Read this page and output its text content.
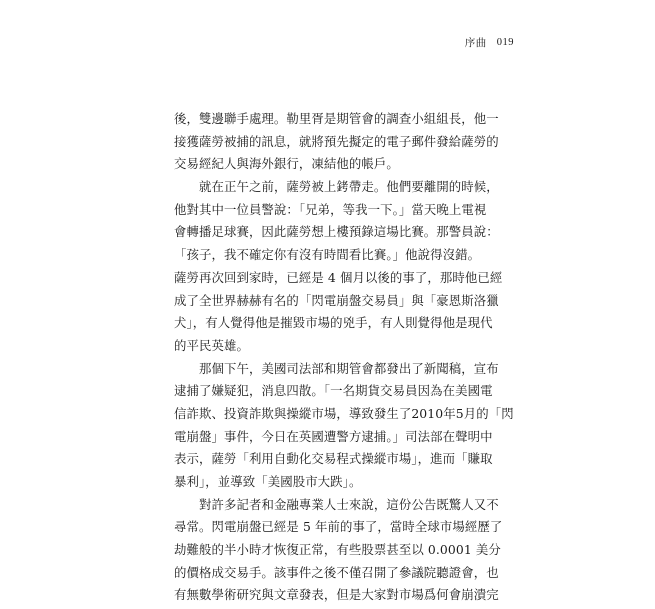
序曲 019
後，雙邊聯手處理。勒里胥是期管會的調查小組組長，他一
接獲薩勞被捕的訊息，就將預先擬定的電子郵件發給薩勞的
交易經紀人與海外銀行，凍結他的帳戶。
就在正午之前，薩勞被上銬帶走。他們要離開的時候，
他對其中一位員警說：「兄弟，等我一下。」當天晚上電視
會轉播足球賽，因此薩勞想上樓預錄這場比賽。那警員說：
「孩子，我不確定你有沒有時間看比賽。」他說得沒錯。
薩勞再次回到家時，已經是 4 個月以後的事了，那時他已經
成了全世界赫赫有名的「閃電崩盤交易員」與「豪恩斯洛獵
犬」，有人覺得他是摧毀市場的兇手，有人則覺得他是現代
的平民英雄。
那個下午，美國司法部和期管會都發出了新聞稿，宣布
逮捕了嫌疑犯，消息四散。「一名期貨交易員因為在美國電
信詐欺、投資詐欺與操縱市場，導致發生了2010年5月的「閃
電崩盤」事件，今日在英國遭警方逮捕。」司法部在聲明中
表示，薩勞「利用自動化交易程式操縱市場」，進而「賺取
暴利」，並導致「美國股市大跌」。
對許多記者和金融專業人士來說，這份公告既驚人又不
尋常。閃電崩盤已經是 5 年前的事了，當時全球市場經歷了
劫難般的半小時才恢復正常，有些股票甚至以 0.0001 美分
的價格成交易手。該事件之後不僅召開了參議院聽證會，也
有無數學術研究與文章發表，但是大家對市場爲何會崩潰完
